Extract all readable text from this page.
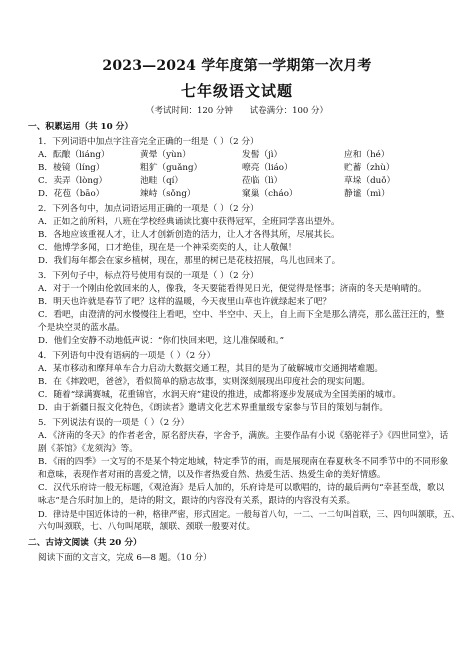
2023—2024 学年度第一学期第一次月考
七年级语文试题
（考试时间：120 分钟 试卷满分：100 分）
一、积累运用（共 10 分）
1．下列词语中加点字注音完全正确的一组是（ ）（2 分）
A．酝酿（liáng）	黄晕（yùn）	发髻（jì）	应和（hé）
B．棱镜（líng）	粗犷（guǎng）	嘹亮（liáo）	贮蓄（zhù）
C．卖弄（lòng）	池畦（qí）	莅临（lì）	草垛（duǒ）
D．花苞（bāo）	竦峙（sǒng）	窠巢（cháo）	静谧（mì）
2．下列各句中，加点词语运用正确的一项是（ ）（2 分）
A．正如之前所料，八班在学校经典诵读比赛中获得冠军，全班同学喜出望外。
B．各地应该重视人才，让人才创新创造的活力，让人才各得其所，尽展其长。
C．他博学多闻，口才绝佳，现在是一个神采奕奕的人，让人敬佩！
D．我们每年都会在家乡植树，现在，那里的树已是花枝招展，鸟儿也回来了。
3．下列句子中，标点符号使用有误的一项是（ ）（2 分）
A．对于一个刚由伦敦回来的人，像我，冬天要能看得见日光，便觉得是怪事；济南的冬天是响晴的。
B．明天也许就是春节了吧？这样的温暖，今天夜里山草也许就绿起来了吧？
C．看吧，由澄清的河水慢慢往上看吧，空中、半空中、天上，自上而下全是那么清亮，那么蓝汪汪的，整
个是块空灵的蓝水晶。
D．他们全安静不动地低声说：“你们快回来吧，这儿准保暖和。”
4．下列语句中没有语病的一项是（ ）（2 分）
A．某市移动和摩拜单车合力启动大数据交通工程，其目的是为了破解城市交通拥堵难题。
B．在《摔跤吧，爸爸》，看似简单的励志故事，实则深刻展现出印度社会的现实问题。
C．随着“绿满赛城，花重锦官，水润天府”建设的推进，成都将逐步发展成为全国美丽的城市。
D．由于新疆日报文化特色，《朗读者》邀请文化艺术界重量级专家参与节目的策划与制作。
5．下列说法有误的一项是（ ）（2 分）
A．《济南的冬天》的作者老舍，原名舒庆春，字舍予，满族。主要作品有小说《骆驼祥子》《四世同堂》，话
剧《茶馆》《龙须沟》等。
B．《雨的四季》一文写的不是某个特定地域，特定季节的雨，而是展现南在春夏秋冬不同季节中的不同形象
和意味，表现作者对雨的喜爱之情，以及作者热爱自然、热爱生活、热爱生命的美好情感。
C．汉代乐府诗一般无标题，《观沧海》是后人加的，乐府诗是可以歌唱的，诗的最后两句“幸甚至哉，歌以
咏志”是合乐时加上的，是诗的附文，跟诗的内容没有关系，跟诗的内容没有关系。
D．律诗是中国近体诗的一种，格律严密，形式固定。一般每首八句，一二、一二句叫首联，三、四句叫颔联，五、
六句叫颈联，七、八句叫尾联，颔联、颈联一般要对仗。
二、古诗文阅读（共 20 分）
阅读下面的文言文，完成 6—8 题。（10 分）
